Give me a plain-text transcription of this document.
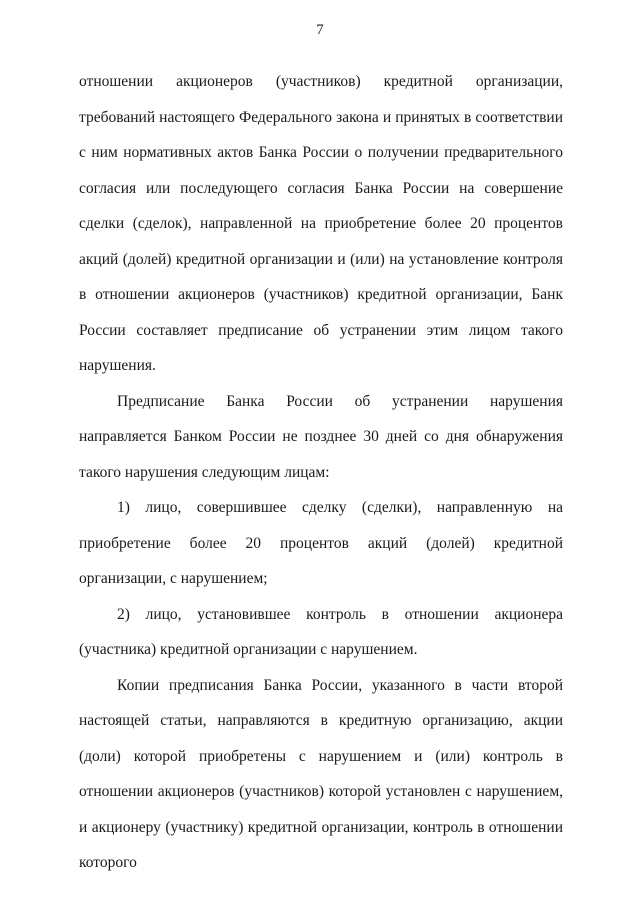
7

отношении акционеров (участников) кредитной организации, требований настоящего Федерального закона и принятых в соответствии с ним нормативных актов Банка России о получении предварительного согласия или последующего согласия Банка России на совершение сделки (сделок), направленной на приобретение более 20 процентов акций (долей) кредитной организации и (или) на установление контроля в отношении акционеров (участников) кредитной организации, Банк России составляет предписание об устранении этим лицом такого нарушения.

Предписание Банка России об устранении нарушения направляется Банком России не позднее 30 дней со дня обнаружения такого нарушения следующим лицам:

1) лицо, совершившее сделку (сделки), направленную на приобретение более 20 процентов акций (долей) кредитной организации, с нарушением;

2) лицо, установившее контроль в отношении акционера (участника) кредитной организации с нарушением.

Копии предписания Банка России, указанного в части второй настоящей статьи, направляются в кредитную организацию, акции (доли) которой приобретены с нарушением и (или) контроль в отношении акционеров (участников) которой установлен с нарушением, и акционеру (участнику) кредитной организации, контроль в отношении которого
